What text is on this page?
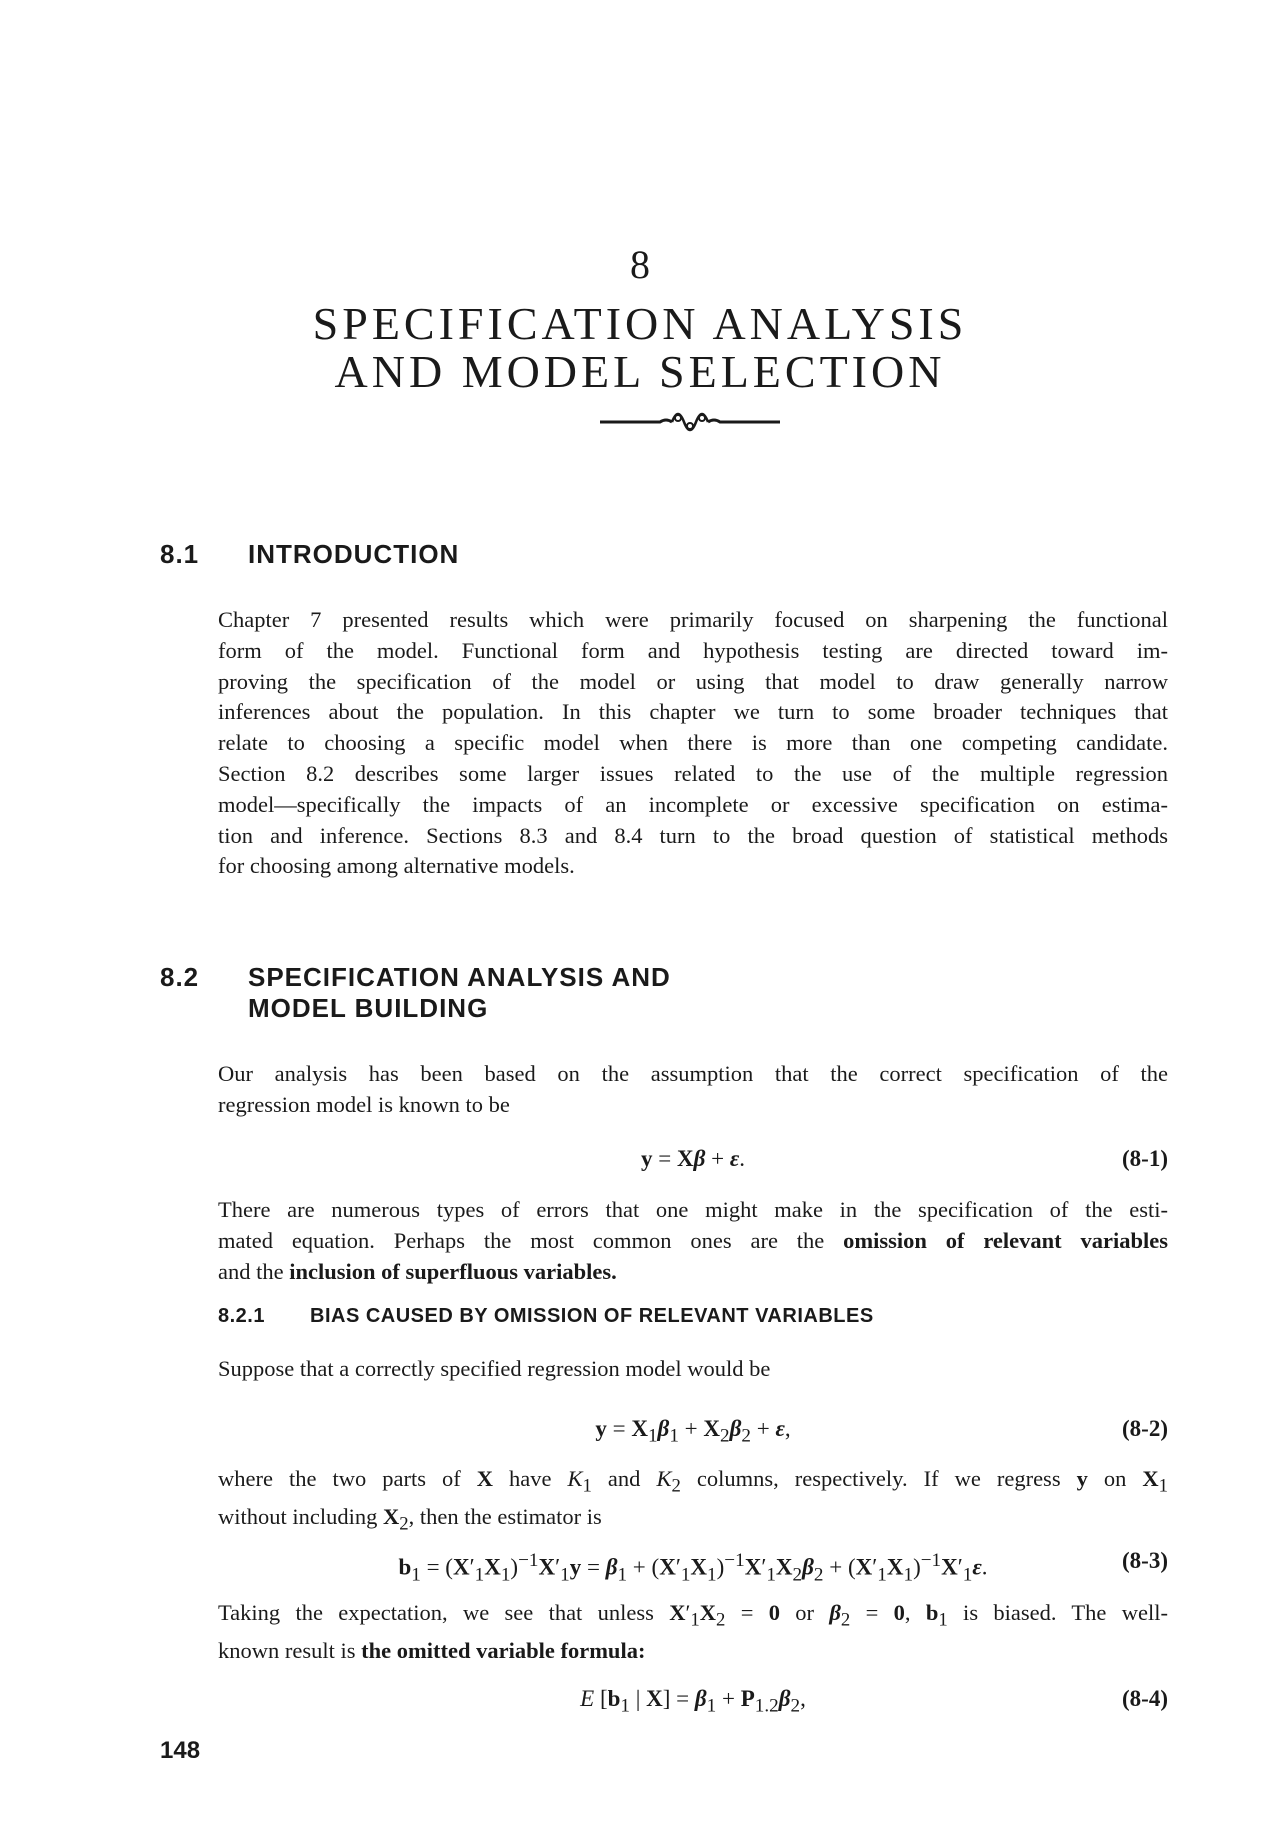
8
SPECIFICATION ANALYSIS
AND MODEL SELECTION
8.1 INTRODUCTION
Chapter 7 presented results which were primarily focused on sharpening the functional
form of the model. Functional form and hypothesis testing are directed toward im-
proving the specification of the model or using that model to draw generally narrow
inferences about the population. In this chapter we turn to some broader techniques that
relate to choosing a specific model when there is more than one competing candidate.
Section 8.2 describes some larger issues related to the use of the multiple regression
model—specifically the impacts of an incomplete or excessive specification on estima-
tion and inference. Sections 8.3 and 8.4 turn to the broad question of statistical methods
for choosing among alternative models.
8.2 SPECIFICATION ANALYSIS AND
MODEL BUILDING
Our analysis has been based on the assumption that the correct specification of the
regression model is known to be
y = Xβ + ε.	(8-1)
There are numerous types of errors that one might make in the specification of the esti-
mated equation. Perhaps the most common ones are the omission of relevant variables
and the inclusion of superfluous variables.
8.2.1 BIAS CAUSED BY OMISSION OF RELEVANT VARIABLES
Suppose that a correctly specified regression model would be
$y = X_1\beta_1 + X_2\beta_2 + \varepsilon$,	(8-2)
where the two parts of X have $K_1$ and $K_2$ columns, respectively. If we regress y on $X_1$
without including $X_2$, then the estimator is
$b_1 = (X'_1X_1)^{-1}X'_1y = \beta_1 + (X'_1X_1)^{-1}X'_1X_2\beta_2 + (X'_1X_1)^{-1}X'_1\varepsilon$.	(8-3)
Taking the expectation, we see that unless $X'_1X_2 = 0$ or $\beta_2 = 0$, $b_1$ is biased. The well-
known result is the omitted variable formula:
E [$b_1$ | $X] = \beta_1 + P_{1.2}\beta_2$,	(8-4)
148
